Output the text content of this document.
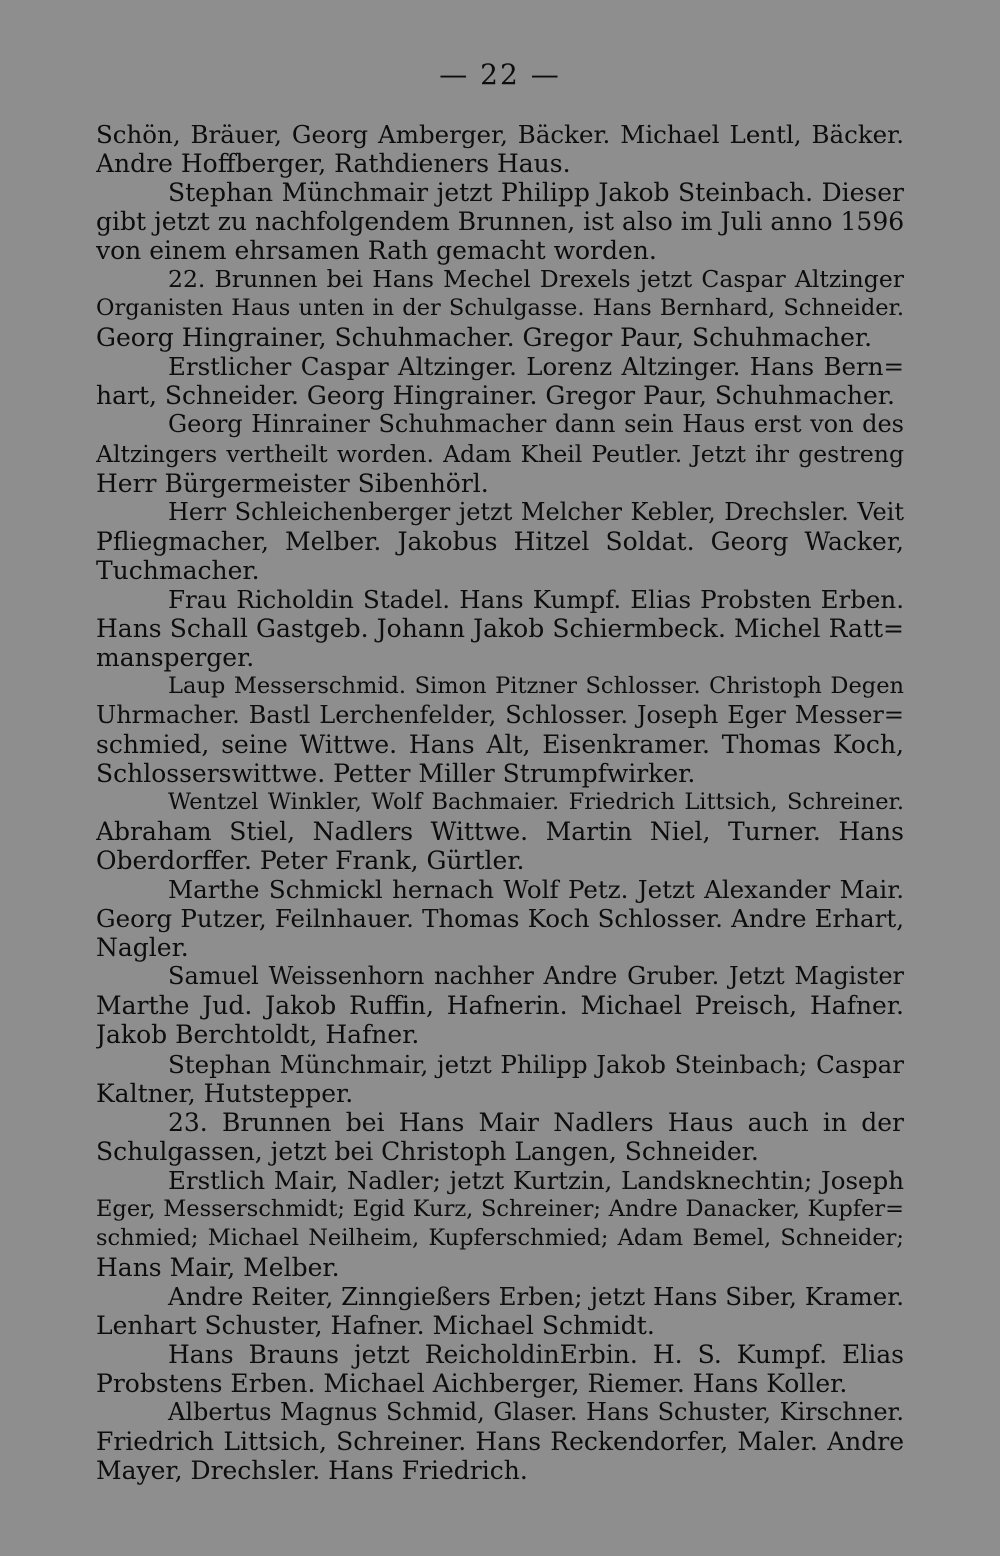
— 22 —
Schön, Bräuer, Georg Amberger, Bäcker. Michael Lentl, Bäcker.
Andre Hoffberger, Rathdieners Haus.
Stephan Münchmair jetzt Philipp Jakob Steinbach. Dieser
gibt jetzt zu nachfolgendem Brunnen, ist also im Juli anno 1596
von einem ehrsamen Rath gemacht worden.
22. Brunnen bei Hans Mechel Drexels jetzt Caspar Altzinger
Organisten Haus unten in der Schulgasse. Hans Bernhard, Schneider.
Georg Hingrainer, Schuhmacher. Gregor Paur, Schuhmacher.
Erstlicher Caspar Altzinger. Lorenz Altzinger. Hans Bern=
hart, Schneider. Georg Hingrainer. Gregor Paur, Schuhmacher.
Georg Hinrainer Schuhmacher dann sein Haus erst von des
Altzingers vertheilt worden. Adam Kheil Peutler. Jetzt ihr gestreng
Herr Bürgermeister Sibenhörl.
Herr Schleichenberger jetzt Melcher Kebler, Drechsler. Veit
Pfliegmacher, Melber. Jakobus Hitzel Soldat. Georg Wacker,
Tuchmacher.
Frau Richoldin Stadel. Hans Kumpf. Elias Probsten Erben.
Hans Schall Gastgeb. Johann Jakob Schiermbeck. Michel Ratt=
mansperger.
Laup Messerschmid. Simon Pitzner Schlosser. Christoph Degen
Uhrmacher. Bastl Lerchenfelder, Schlosser. Joseph Eger Messer=
schmied, seine Wittwe. Hans Alt, Eisenkramer. Thomas Koch,
Schlosserswittwe. Petter Miller Strumpfwirker.
Wentzel Winkler, Wolf Bachmaier. Friedrich Littsich, Schreiner.
Abraham Stiel, Nadlers Wittwe. Martin Niel, Turner. Hans
Oberdorffer. Peter Frank, Gürtler.
Marthe Schmickl hernach Wolf Petz. Jetzt Alexander Mair.
Georg Putzer, Feilnhauer. Thomas Koch Schlosser. Andre Erhart,
Nagler.
Samuel Weissenhorn nachher Andre Gruber. Jetzt Magister
Marthe Jud. Jakob Ruffin, Hafnerin. Michael Preisch, Hafner.
Jakob Berchtoldt, Hafner.
Stephan Münchmair, jetzt Philipp Jakob Steinbach; Caspar
Kaltner, Hutstepper.
23. Brunnen bei Hans Mair Nadlers Haus auch in der
Schulgassen, jetzt bei Christoph Langen, Schneider.
Erstlich Mair, Nadler; jetzt Kurtzin, Landsknechtin; Joseph
Eger, Messerschmidt; Egid Kurz, Schreiner; Andre Danacker, Kupfer=
schmied; Michael Neilheim, Kupferschmied; Adam Bemel, Schneider;
Hans Mair, Melber.
Andre Reiter, Zinngießers Erben; jetzt Hans Siber, Kramer.
Lenhart Schuster, Hafner. Michael Schmidt.
Hans Brauns jetzt ReicholdinErbin. H. S. Kumpf. Elias
Probstens Erben. Michael Aichberger, Riemer. Hans Koller.
Albertus Magnus Schmid, Glaser. Hans Schuster, Kirschner.
Friedrich Littsich, Schreiner. Hans Reckendorfer, Maler. Andre
Mayer, Drechsler. Hans Friedrich.
